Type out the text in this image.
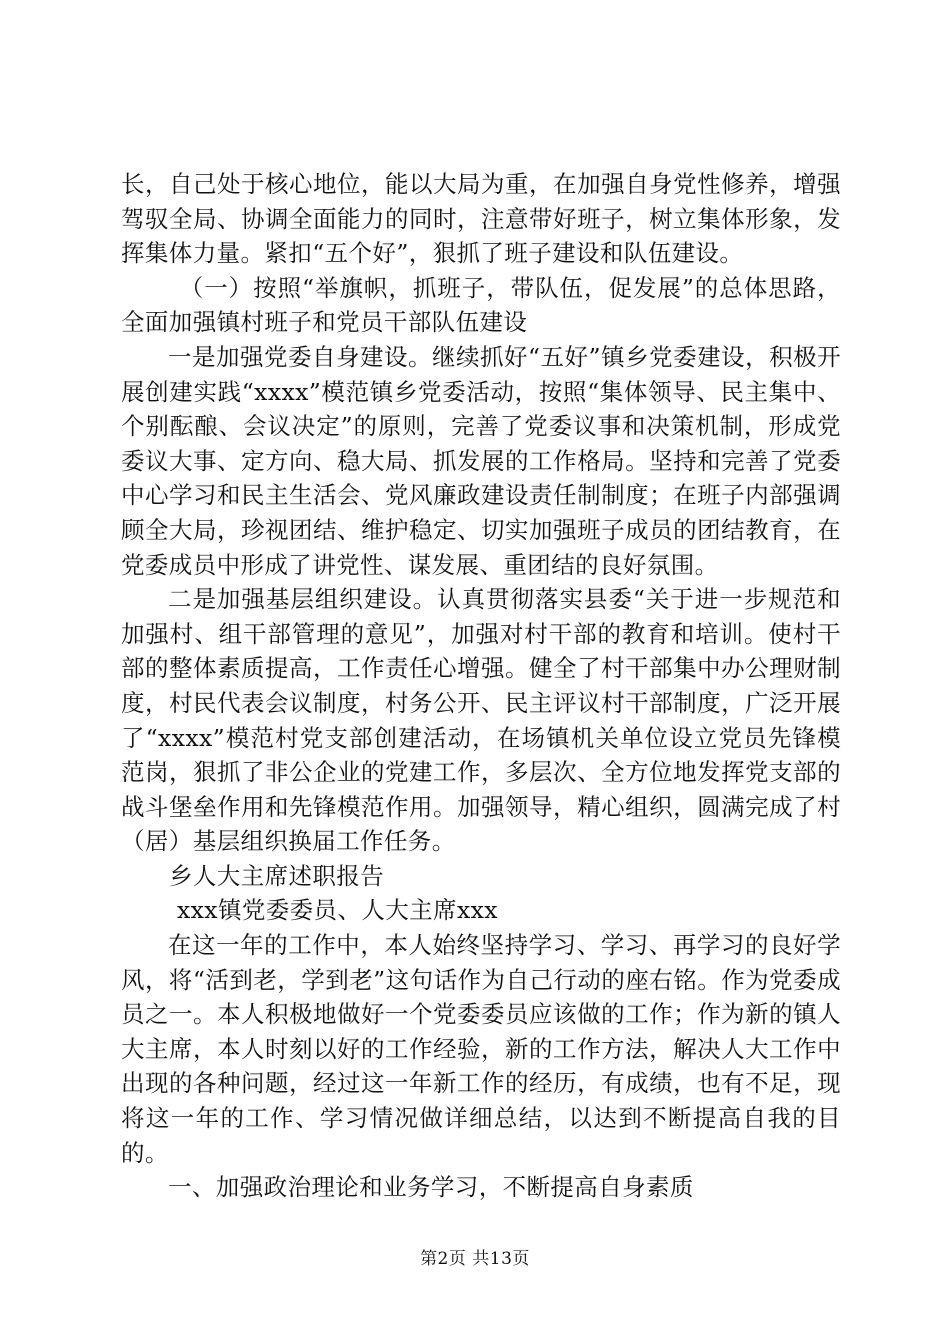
长，自己处于核心地位，能以大局为重，在加强自身党性修养，增强驾驭全局、协调全面能力的同时，注意带好班子，树立集体形象，发挥集体力量。紧扣“五个好”，狠抓了班子建设和队伍建设。

（一）按照“举旗帜，抓班子，带队伍，促发展”的总体思路，全面加强镇村班子和党员干部队伍建设

一是加强党委自身建设。继续抓好“五好”镇乡党委建设，积极开展创建实践“xxxx”模范镇乡党委活动，按照“集体领导、民主集中、个别酝酿、会议决定”的原则，完善了党委议事和决策机制，形成党委议大事、定方向、稳大局、抓发展的工作格局。坚持和完善了党委中心学习和民主生活会、党风廉政建设责任制制度；在班子内部强调顾全大局，珍视团结、维护稳定、切实加强班子成员的团结教育，在党委成员中形成了讲党性、谋发展、重团结的良好氛围。

二是加强基层组织建设。认真贯彻落实县委“关于进一步规范和加强村、组干部管理的意见”，加强对村干部的教育和培训。使村干部的整体素质提高，工作责任心增强。健全了村干部集中办公理财制度，村民代表会议制度，村务公开、民主评议村干部制度，广泛开展了“xxxx”模范村党支部创建活动，在场镇机关单位设立党员先锋模范岗，狠抓了非公企业的党建工作，多层次、全方位地发挥党支部的战斗堡垒作用和先锋模范作用。加强领导，精心组织，圆满完成了村（居）基层组织换届工作任务。

乡人大主席述职报告

xxx镇党委委员、人大主席xxx

在这一年的工作中，本人始终坚持学习、学习、再学习的良好学风，将“活到老，学到老”这句话作为自己行动的座右铭。作为党委成员之一。本人积极地做好一个党委委员应该做的工作；作为新的镇人大主席，本人时刻以好的工作经验，新的工作方法，解决人大工作中出现的各种问题，经过这一年新工作的经历，有成绩，也有不足，现将这一年的工作、学习情况做详细总结，以达到不断提高自我的目的。

一、加强政治理论和业务学习，不断提高自身素质

第2页 共13页
